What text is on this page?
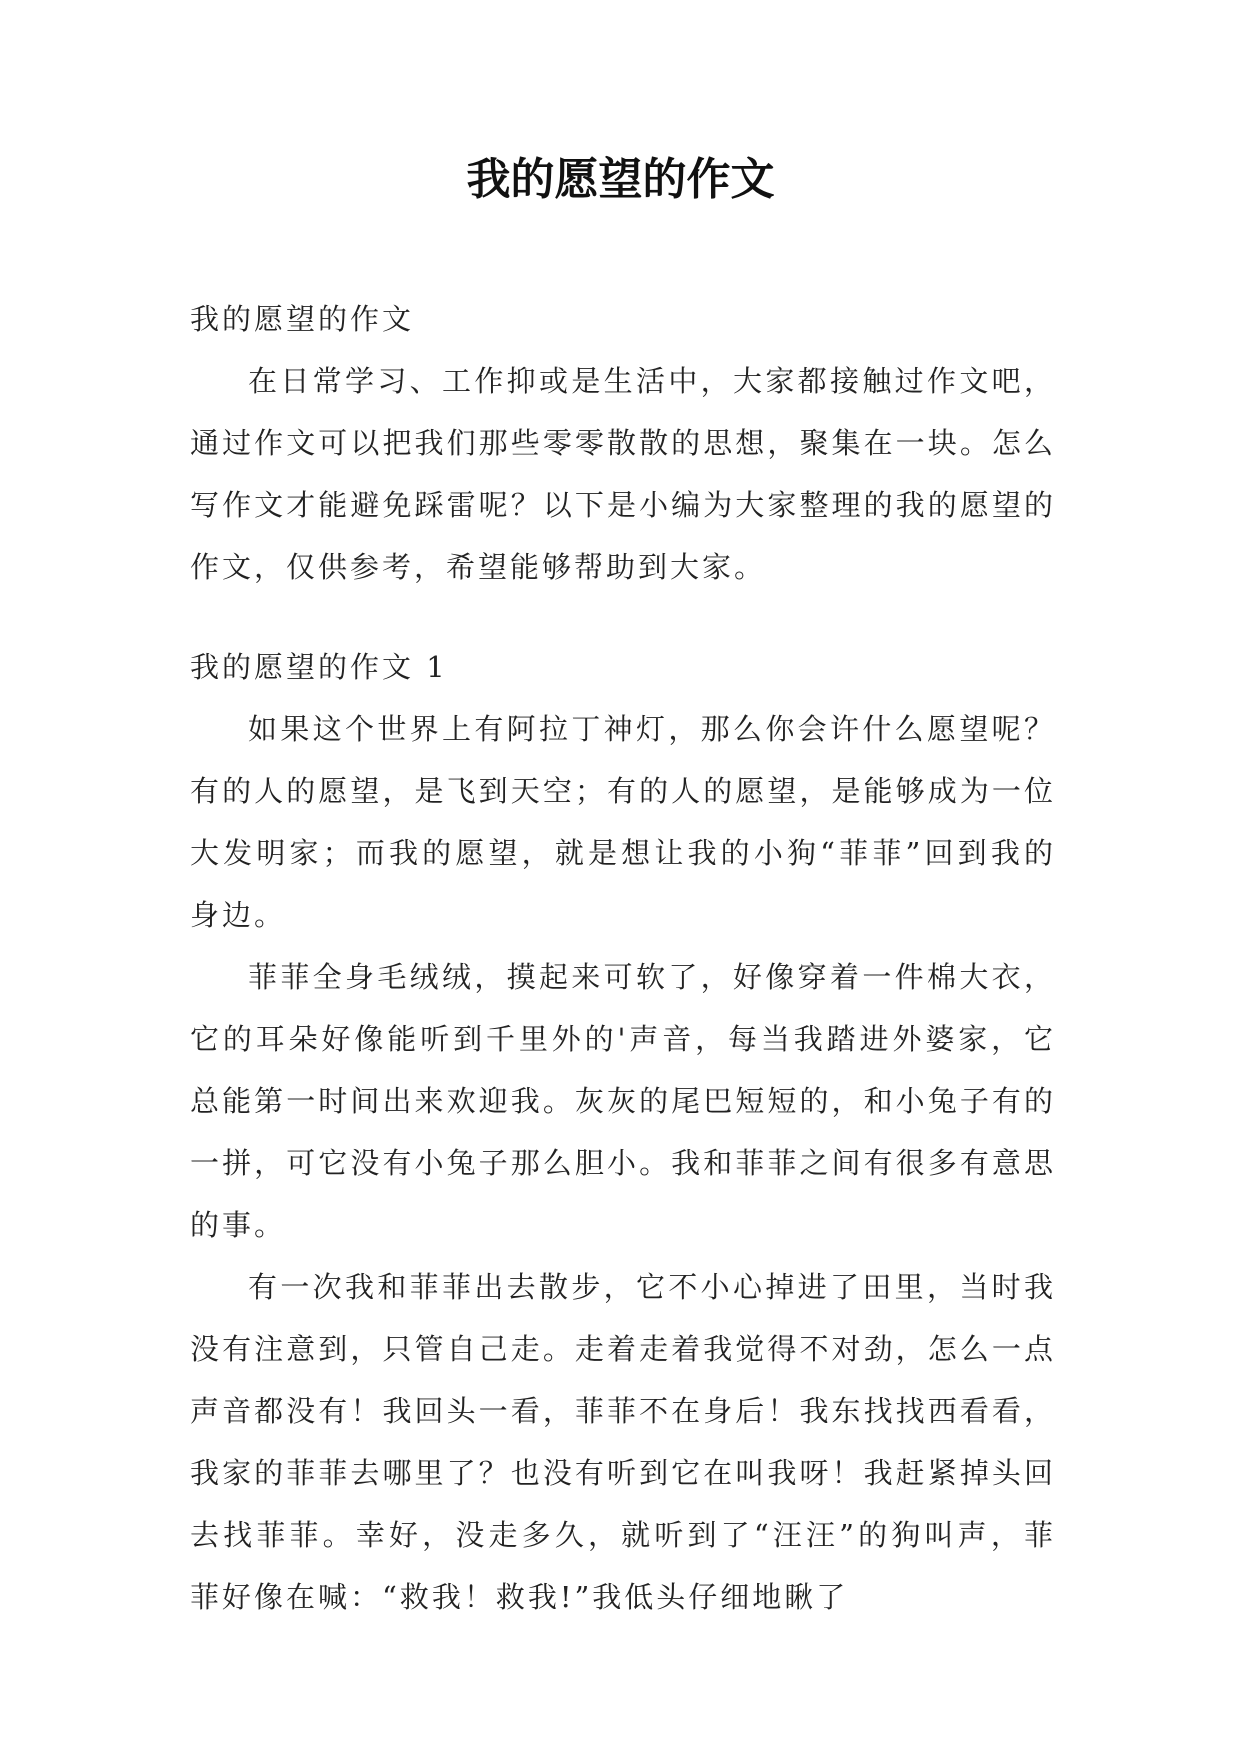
我的愿望的作文

我的愿望的作文

在日常学习、工作抑或是生活中，大家都接触过作文吧，通过作文可以把我们那些零零散散的思想，聚集在一块。怎么写作文才能避免踩雷呢？以下是小编为大家整理的我的愿望的作文，仅供参考，希望能够帮助到大家。

我的愿望的作文 1

如果这个世界上有阿拉丁神灯，那么你会许什么愿望呢？有的人的愿望，是飞到天空；有的人的愿望，是能够成为一位大发明家；而我的愿望，就是想让我的小狗“菲菲”回到我的身边。

菲菲全身毛绒绒，摸起来可软了，好像穿着一件棉大衣，它的耳朵好像能听到千里外的'声音，每当我踏进外婆家，它总能第一时间出来欢迎我。灰灰的尾巴短短的，和小兔子有的一拼，可它没有小兔子那么胆小。我和菲菲之间有很多有意思的事。

有一次我和菲菲出去散步，它不小心掉进了田里，当时我没有注意到，只管自己走。走着走着我觉得不对劲，怎么一点声音都没有！我回头一看，菲菲不在身后！我东找找西看看，我家的菲菲去哪里了？也没有听到它在叫我呀！我赶紧掉头回去找菲菲。幸好，没走多久，就听到了“汪汪”的狗叫声，菲菲好像在喊：“救我！救我!”我低头仔细地瞅了
